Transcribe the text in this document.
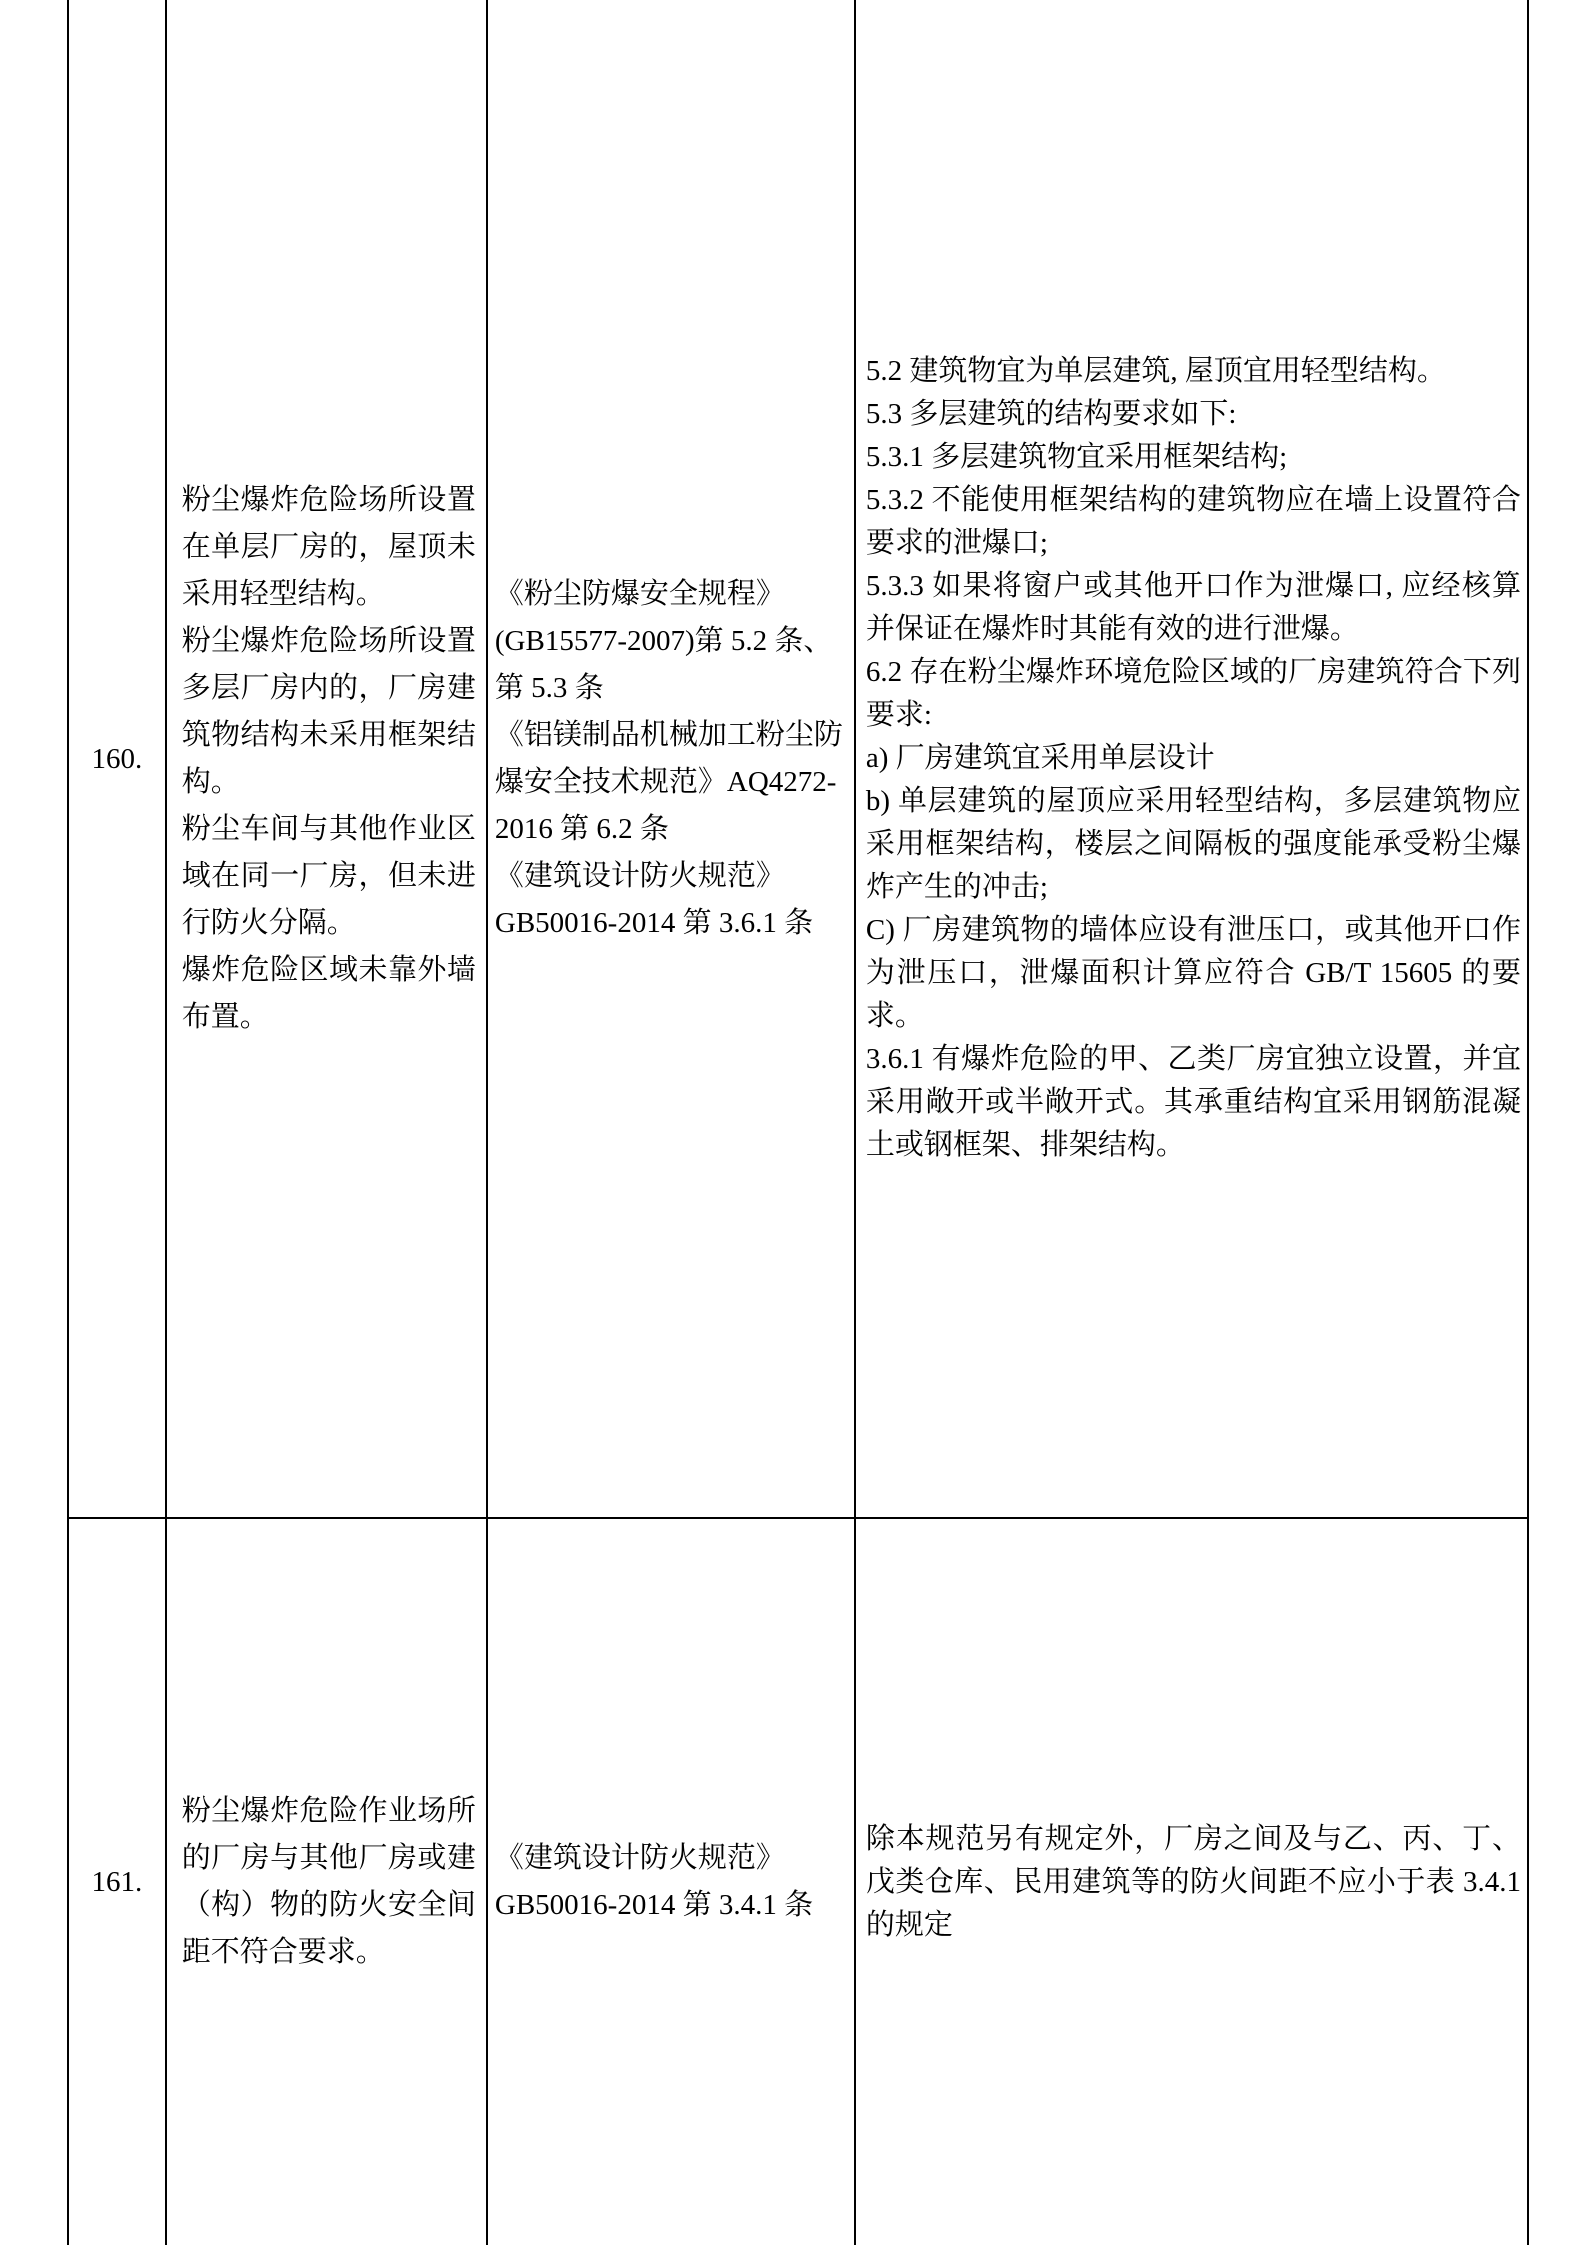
160.

粉尘爆炸危险场所设置在单层厂房的，屋顶未采用轻型结构。

粉尘爆炸危险场所设置多层厂房内的，厂房建筑物结构未采用框架结构。

粉尘车间与其他作业区域在同一厂房，但未进行防火分隔。

爆炸危险区域未靠外墙布置。

《粉尘防爆安全规程》(GB15577-2007)第 5.2 条、第 5.3 条

《铝镁制品机械加工粉尘防爆安全技术规范》AQ4272-2016 第 6.2 条

《建筑设计防火规范》GB50016-2014 第 3.6.1 条

5.2 建筑物宜为单层建筑, 屋顶宜用轻型结构。

5.3 多层建筑的结构要求如下:

5.3.1 多层建筑物宜采用框架结构;

5.3.2 不能使用框架结构的建筑物应在墙上设置符合要求的泄爆口;

5.3.3 如果将窗户或其他开口作为泄爆口, 应经核算并保证在爆炸时其能有效的进行泄爆。

6.2 存在粉尘爆炸环境危险区域的厂房建筑符合下列要求:

a) 厂房建筑宜采用单层设计

b) 单层建筑的屋顶应采用轻型结构，多层建筑物应采用框架结构，楼层之间隔板的强度能承受粉尘爆炸产生的冲击;

C) 厂房建筑物的墙体应设有泄压口，或其他开口作为泄压口，泄爆面积计算应符合 GB/T 15605 的要求。

3.6.1 有爆炸危险的甲、乙类厂房宜独立设置，并宜采用敞开或半敞开式。其承重结构宜采用钢筋混凝土或钢框架、排架结构。

161.

粉尘爆炸危险作业场所的厂房与其他厂房或建（构）物的防火安全间距不符合要求。

《建筑设计防火规范》GB50016-2014 第 3.4.1 条

除本规范另有规定外，厂房之间及与乙、丙、丁、戊类仓库、民用建筑等的防火间距不应小于表 3.4.1 的规定
